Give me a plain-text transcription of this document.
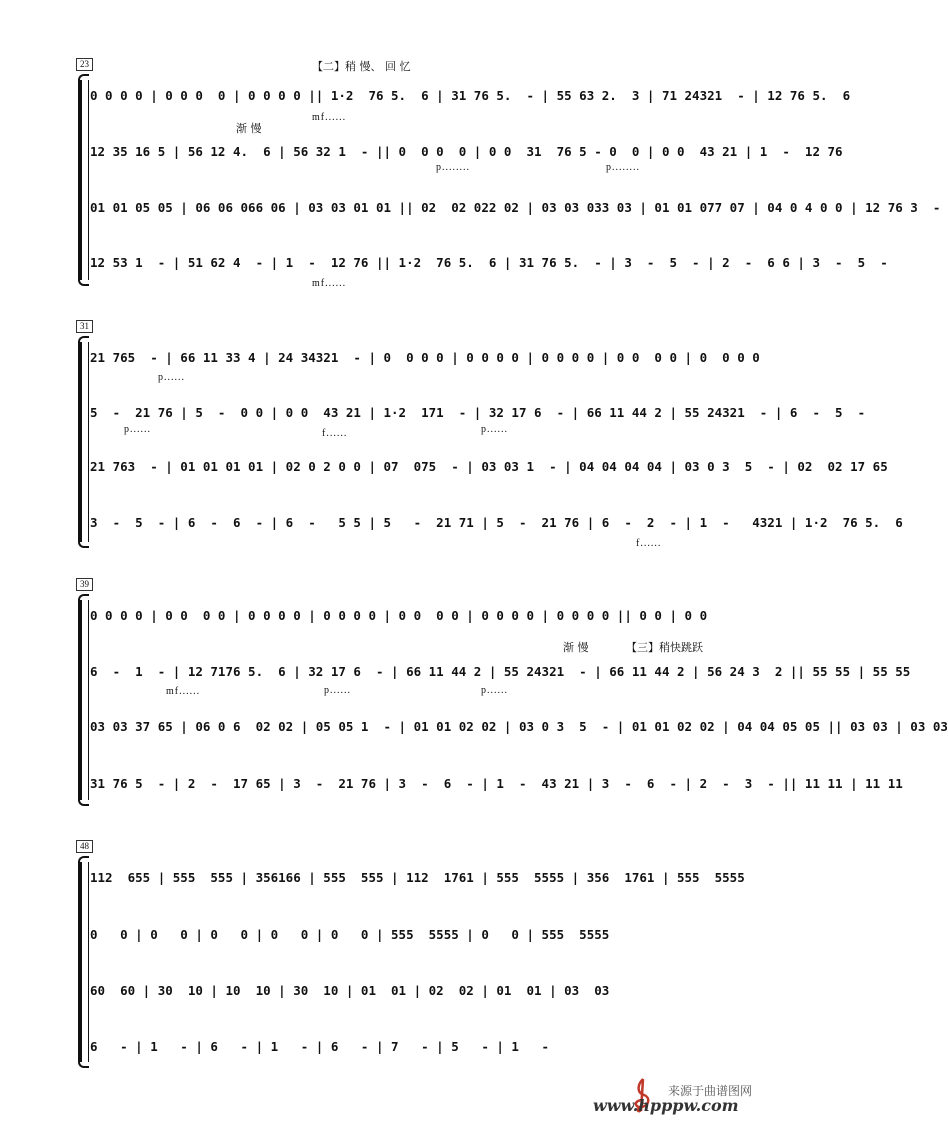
23	【二】稍 慢、 回 忆
0 0 0 0 | 0 0 0  0 | 0 0 0 0 || 1·2  76 5.  6 | 31 76 5.  - | 55 63 2.  3 | 71 24321  - | 12 76 5.  6
mf......
渐 慢
12 35 16 5 | 56 12 4.  6 | 56 32 1  - || 0  0 0  0 | 0 0  31  76 5 - 0  0 | 0 0  43 21 | 1  -  12 76
p........	p........
01 01 05 05 | 06 06 066 06 | 03 03 01 01 || 02  02 022 02 | 03 03 033 03 | 01 01 077 07 | 04 0 4 0 0 | 12 76 3  -
12 53 1  - | 51 62 4  - | 1  -  12 76 || 1·2  76 5.  6 | 31 76 5.  - | 3  -  5  - | 2  -  6 6 | 3  -  5  -
mf......
31
21 765  - | 66 11 33 4 | 24 34321  - | 0  0 0 0 | 0 0 0 0 | 0 0 0 0 | 0 0  0 0 | 0  0 0 0
p......
5  -  21 76 | 5  -  0 0 | 0 0  43 21 | 1·2  171  - | 32 17 6  - | 66 11 44 2 | 55 24321  - | 6  -  5  -
p......	f......	p......
21 763  - | 01 01 01 01 | 02 0 2 0 0 | 07  075  - | 03 03 1  - | 04 04 04 04 | 03 0 3  5  - | 02  02 17 65
3  -  5  - | 6  -  6  - | 6  -   5 5 | 5   -  21 71 | 5  -  21 76 | 6  -  2  - | 1  -   4321 | 1·2  76 5.  6
f......
39
0 0 0 0 | 0 0  0 0 | 0 0 0 0 | 0 0 0 0 | 0 0  0 0 | 0 0 0 0 | 0 0 0 0 || 0 0 | 0 0
渐 慢	【三】稍快跳跃
6  -  1  - | 12 7176 5.  6 | 32 17 6  - | 66 11 44 2 | 55 24321  - | 66 11 44 2 | 56 24 3  2 || 55 55 | 55 55
mf......	p......	p......
03 03 37 65 | 06 0 6  02 02 | 05 05 1  - | 01 01 02 02 | 03 0 3  5  - | 01 01 02 02 | 04 04 05 05 || 03 03 | 03 03
31 76 5  - | 2  -  17 65 | 3  -  21 76 | 3  -  6  - | 1  -  43 21 | 3  -  6  - | 2  -  3  - || 11 11 | 11 11
48
112  655 | 555  555 | 356166 | 555  555 | 112  1761 | 555  5555 | 356  1761 | 555  5555
0   0 | 0   0 | 0   0 | 0   0 | 0   0 | 555  5555 | 0   0 | 555  5555
60  60 | 30  10 | 10  10 | 30  10 | 01  01 | 02  02 | 01  01 | 03  03
6   - | 1   - | 6   - | 1   - | 6   - | 7   - | 5   - | 1   -
来源于曲谱图网
www.hpppw.com
